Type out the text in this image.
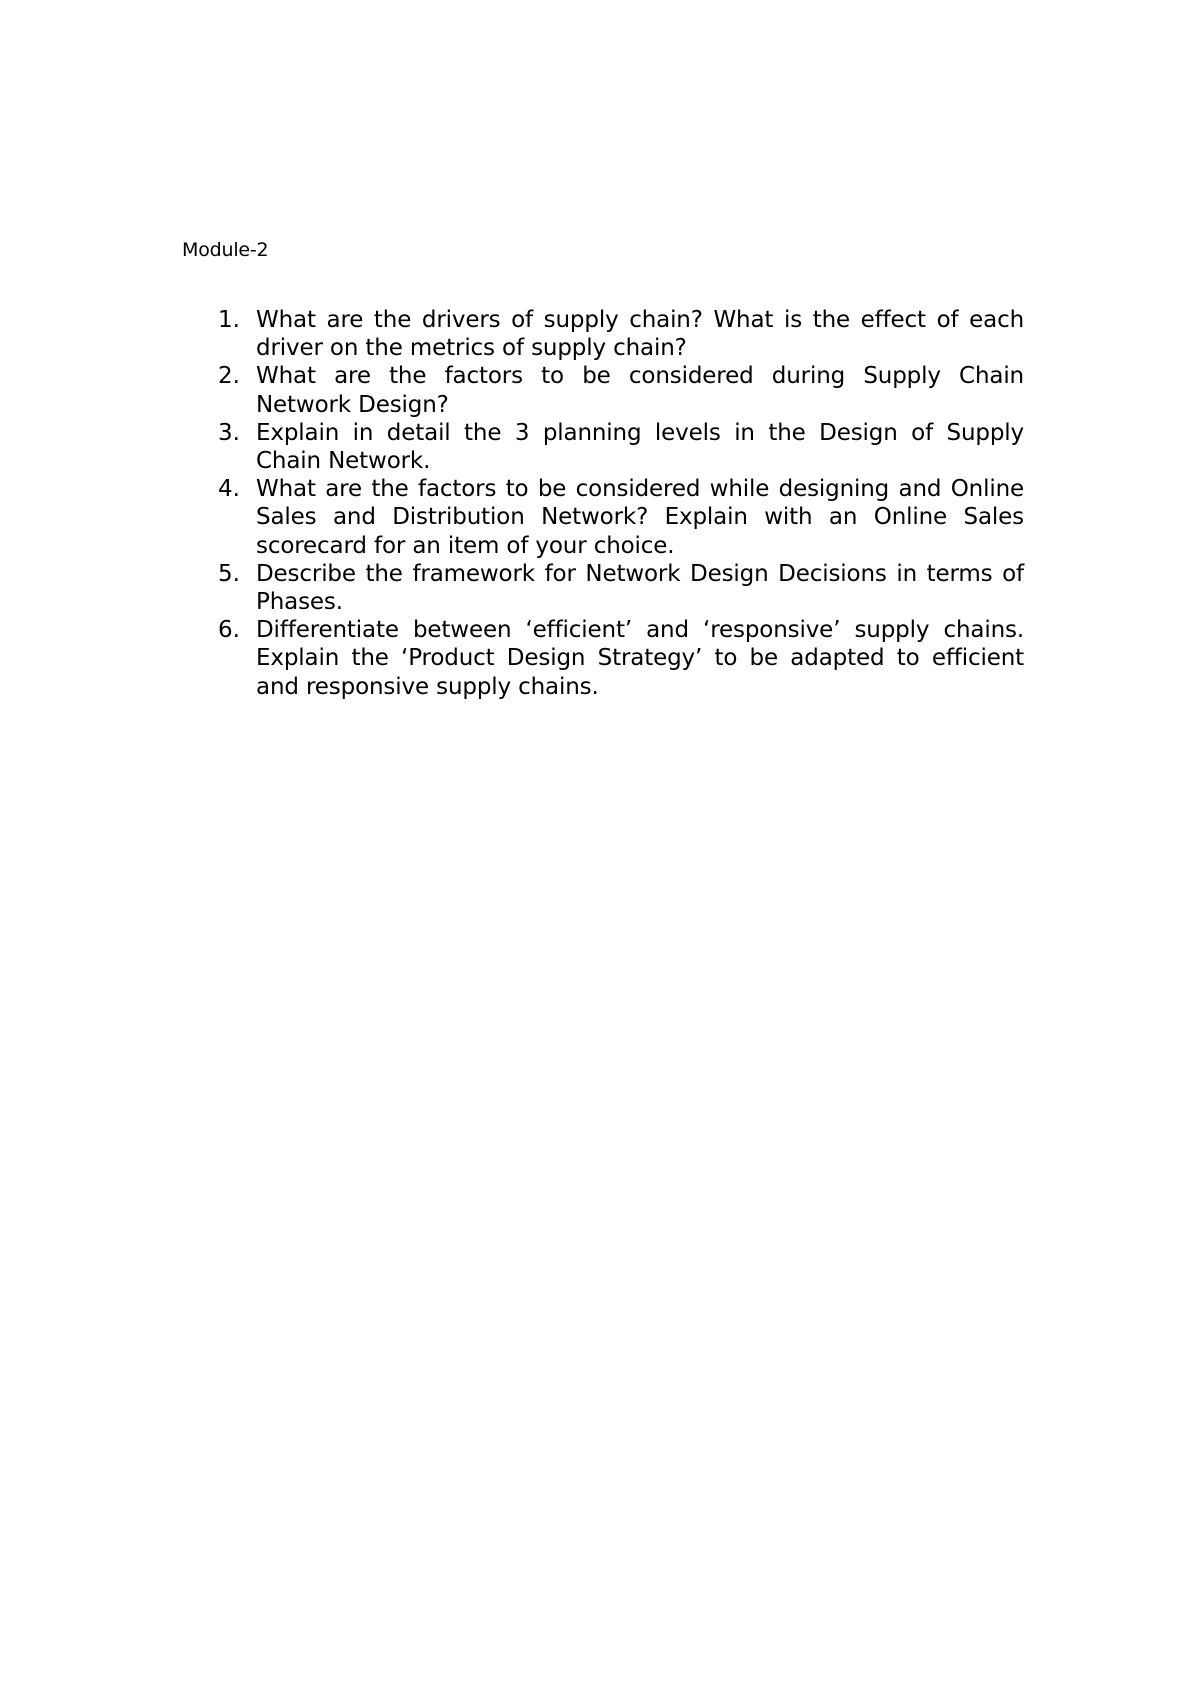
Module-2
1. What are the drivers of supply chain? What is the effect of each driver on the metrics of supply chain?
2. What are the factors to be considered during Supply Chain Network Design?
3. Explain in detail the 3 planning levels in the Design of Supply Chain Network.
4. What are the factors to be considered while designing and Online Sales and Distribution Network? Explain with an Online Sales scorecard for an item of your choice.
5. Describe the framework for Network Design Decisions in terms of Phases.
6. Differentiate between ‘efficient’ and ‘responsive’ supply chains. Explain the ‘Product Design Strategy’ to be adapted to efficient and responsive supply chains.
